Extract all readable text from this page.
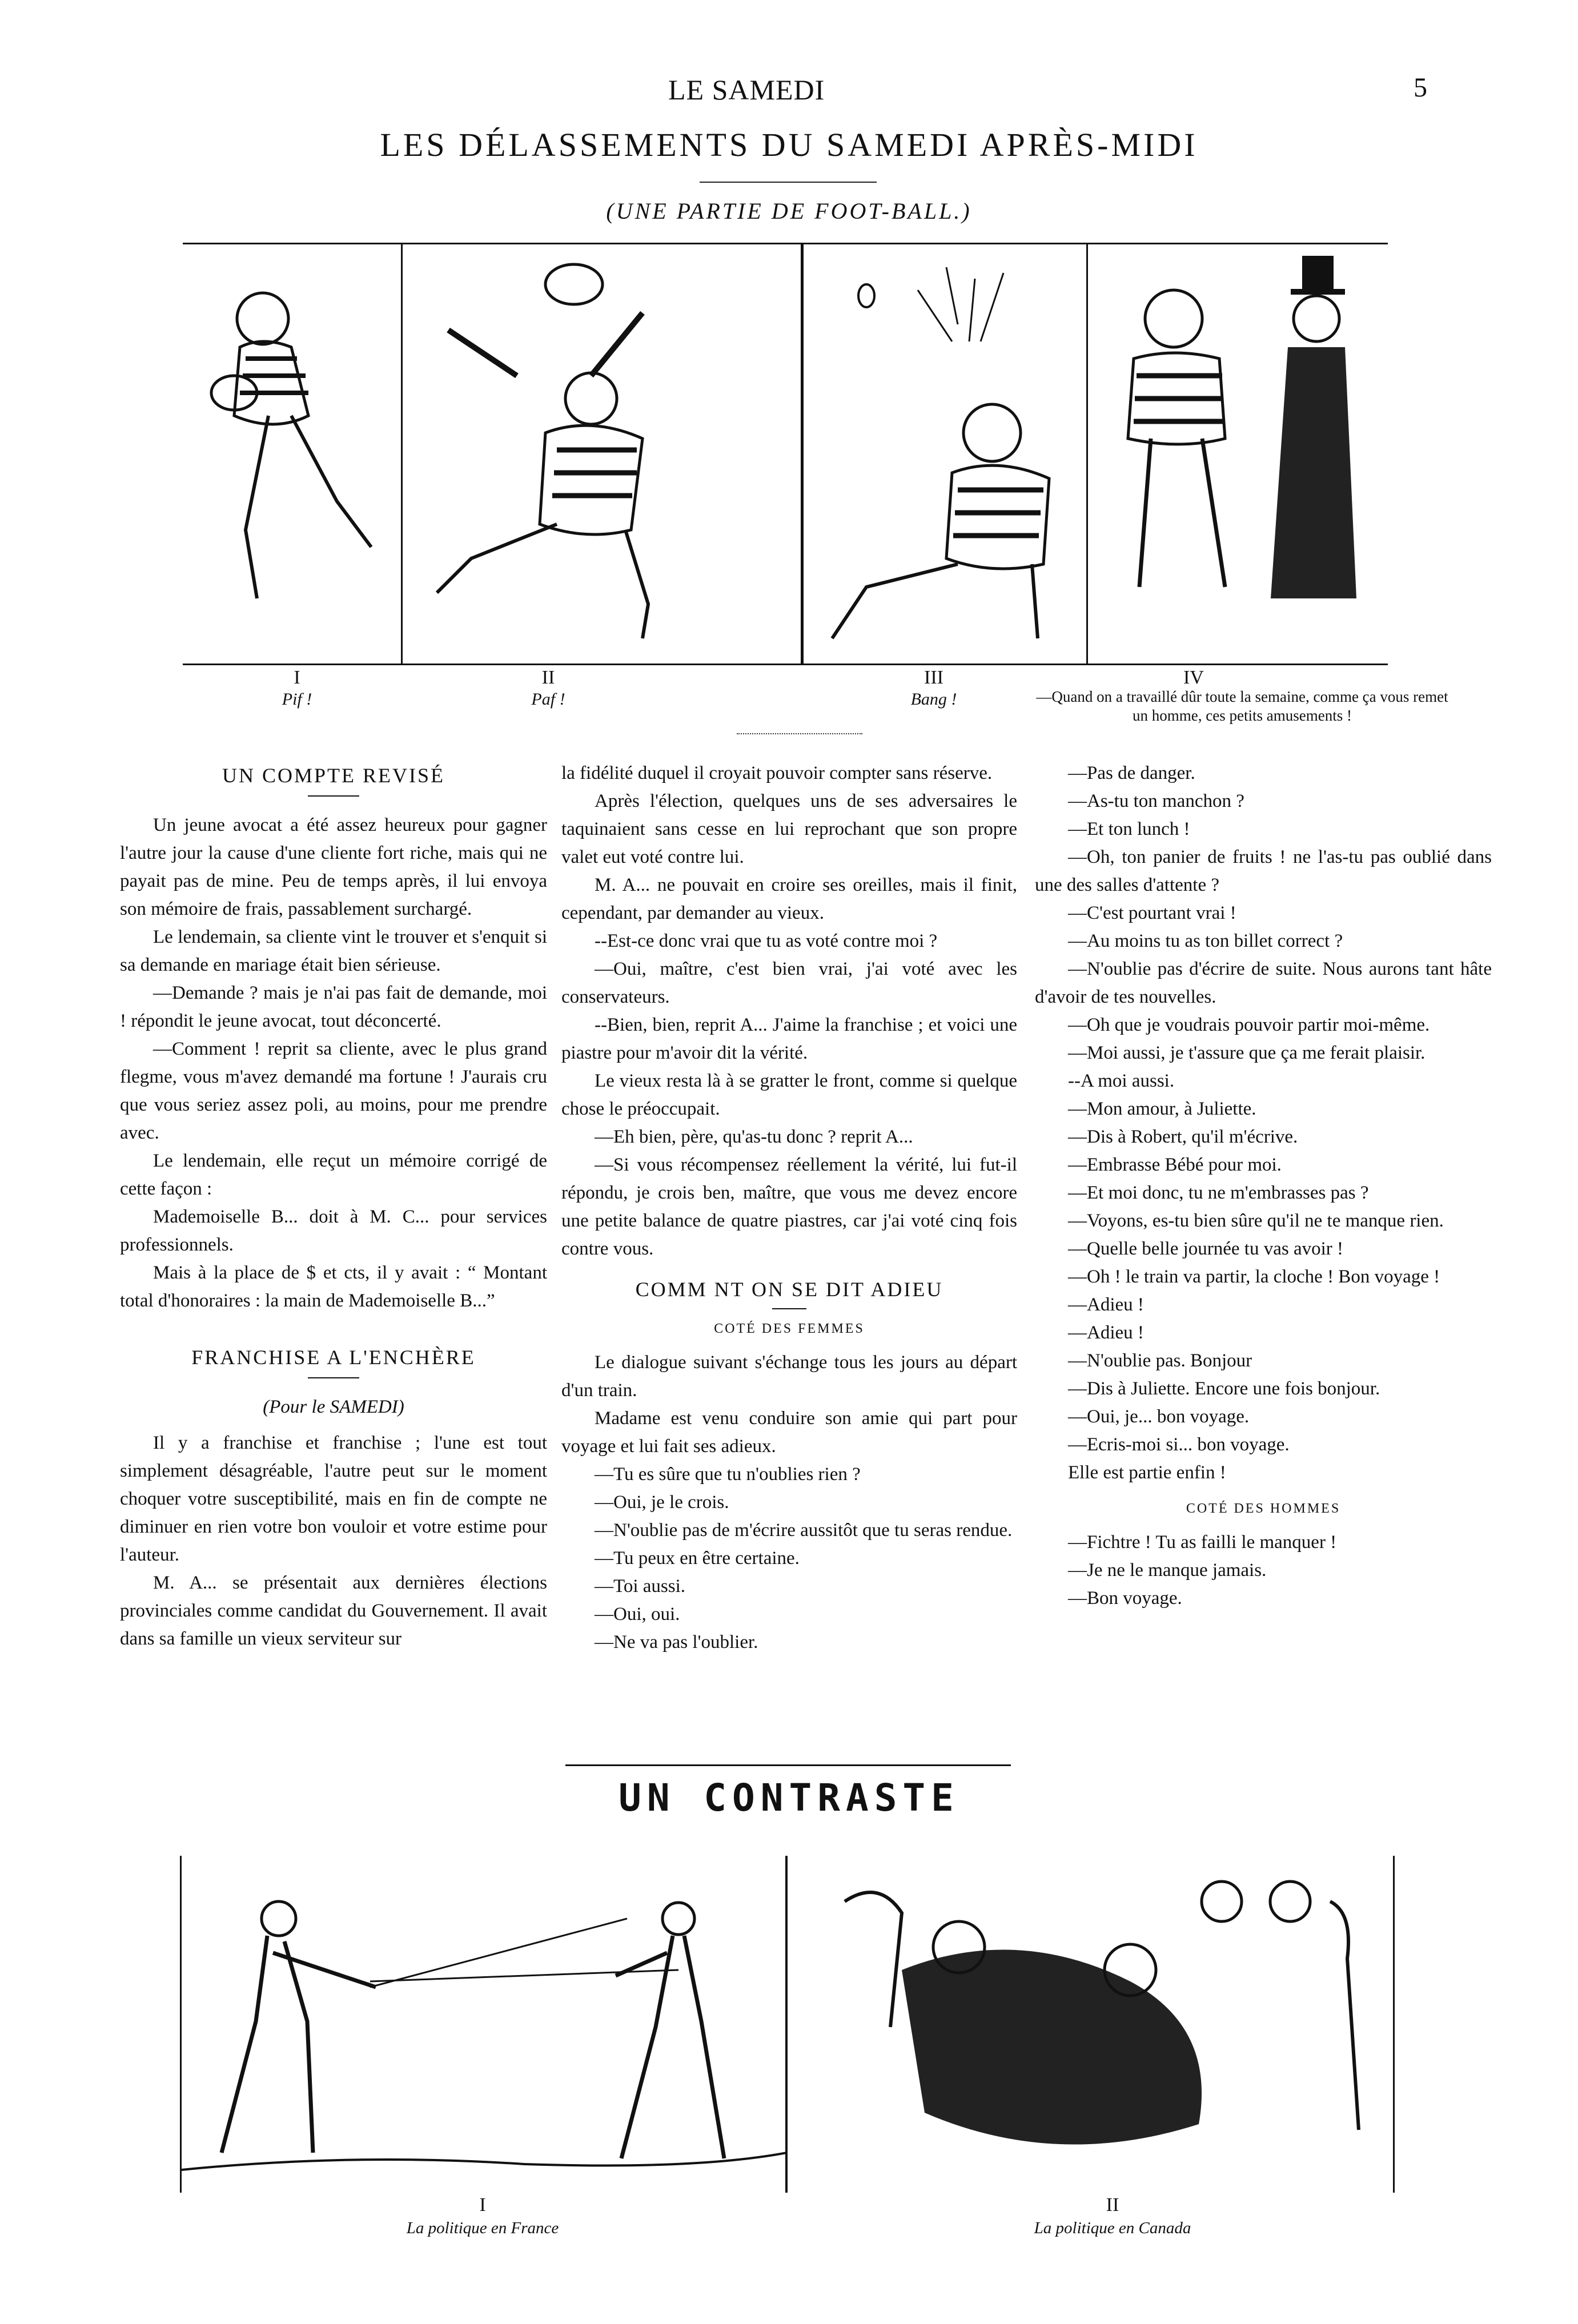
LE SAMEDI	5
LES DÉLASSEMENTS DU SAMEDI APRÈS-MIDI
(UNE PARTIE DE FOOT-BALL.)
I
Pif !
II
Paf !
III
Bang !
IV
—Quand on a travaillé dûr toute la semaine, comme ça vous remet un homme, ces petits amusements !
UN COMPTE REVISÉ

Un jeune avocat a été assez heureux pour gagner l'autre jour la cause d'une cliente fort riche, mais qui ne payait pas de mine. Peu de temps après, il lui envoya son mémoire de frais, passablement surchargé.

Le lendemain, sa cliente vint le trouver et s'enquit si sa demande en mariage était bien sérieuse.

—Demande ? mais je n'ai pas fait de demande, moi ! répondit le jeune avocat, tout déconcerté.

—Comment ! reprit sa cliente, avec le plus grand flegme, vous m'avez demandé ma fortune ! J'aurais cru que vous seriez assez poli, au moins, pour me prendre avec.

Le lendemain, elle reçut un mémoire corrigé de cette façon :

Mademoiselle B... doit à M. C... pour services professionnels.

Mais à la place de $ et cts, il y avait : “ Montant total d'honoraires : la main de Mademoiselle B...”

FRANCHISE A L'ENCHÈRE
(Pour le SAMEDI)

Il y a franchise et franchise ; l'une est tout simplement désagréable, l'autre peut sur le moment choquer votre susceptibilité, mais en fin de compte ne diminuer en rien votre bon vouloir et votre estime pour l'auteur.

M. A... se présentait aux dernières élections provinciales comme candidat du Gouvernement. Il avait dans sa famille un vieux serviteur sur

la fidélité duquel il croyait pouvoir compter sans réserve.

Après l'élection, quelques uns de ses adversaires le taquinaient sans cesse en lui reprochant que son propre valet eut voté contre lui.

M. A... ne pouvait en croire ses oreilles, mais il finit, cependant, par demander au vieux.

--Est-ce donc vrai que tu as voté contre moi ?

—Oui, maître, c'est bien vrai, j'ai voté avec les conservateurs.

--Bien, bien, reprit A... J'aime la franchise ; et voici une piastre pour m'avoir dit la vérité.

Le vieux resta là à se gratter le front, comme si quelque chose le préoccupait.

—Eh bien, père, qu'as-tu donc ? reprit A...

—Si vous récompensez réellement la vérité, lui fut-il répondu, je crois ben, maître, que vous me devez encore une petite balance de quatre piastres, car j'ai voté cinq fois contre vous.

COMM NT ON SE DIT ADIEU
COTÉ DES FEMMES

Le dialogue suivant s'échange tous les jours au départ d'un train.

Madame est venu conduire son amie qui part pour voyage et lui fait ses adieux.

—Tu es sûre que tu n'oublies rien ?

—Oui, je le crois.

—N'oublie pas de m'écrire aussitôt que tu seras rendue.

—Tu peux en être certaine.

—Toi aussi.

—Oui, oui.

—Ne va pas l'oublier.

—Pas de danger.

—As-tu ton manchon ?

—Et ton lunch !

—Oh, ton panier de fruits ! ne l'as-tu pas oublié dans une des salles d'attente ?

—C'est pourtant vrai !

—Au moins tu as ton billet correct ?

—N'oublie pas d'écrire de suite. Nous aurons tant hâte d'avoir de tes nouvelles.

—Oh que je voudrais pouvoir partir moi-même.

—Moi aussi, je t'assure que ça me ferait plaisir.

--A moi aussi.

—Mon amour, à Juliette.

—Dis à Robert, qu'il m'écrive.

—Embrasse Bébé pour moi.

—Et moi donc, tu ne m'embrasses pas ?

—Voyons, es-tu bien sûre qu'il ne te manque rien.

—Quelle belle journée tu vas avoir !

—Oh ! le train va partir, la cloche ! Bon voyage !

—Adieu !

—Adieu !

—N'oublie pas. Bonjour

—Dis à Juliette. Encore une fois bonjour.

—Oui, je... bon voyage.

—Ecris-moi si... bon voyage.

Elle est partie enfin !

COTÉ DES HOMMES

—Fichtre ! Tu as failli le manquer !

—Je ne le manque jamais.

—Bon voyage.

UN CONTRASTE
I
La politique en France
II
La politique en Canada
